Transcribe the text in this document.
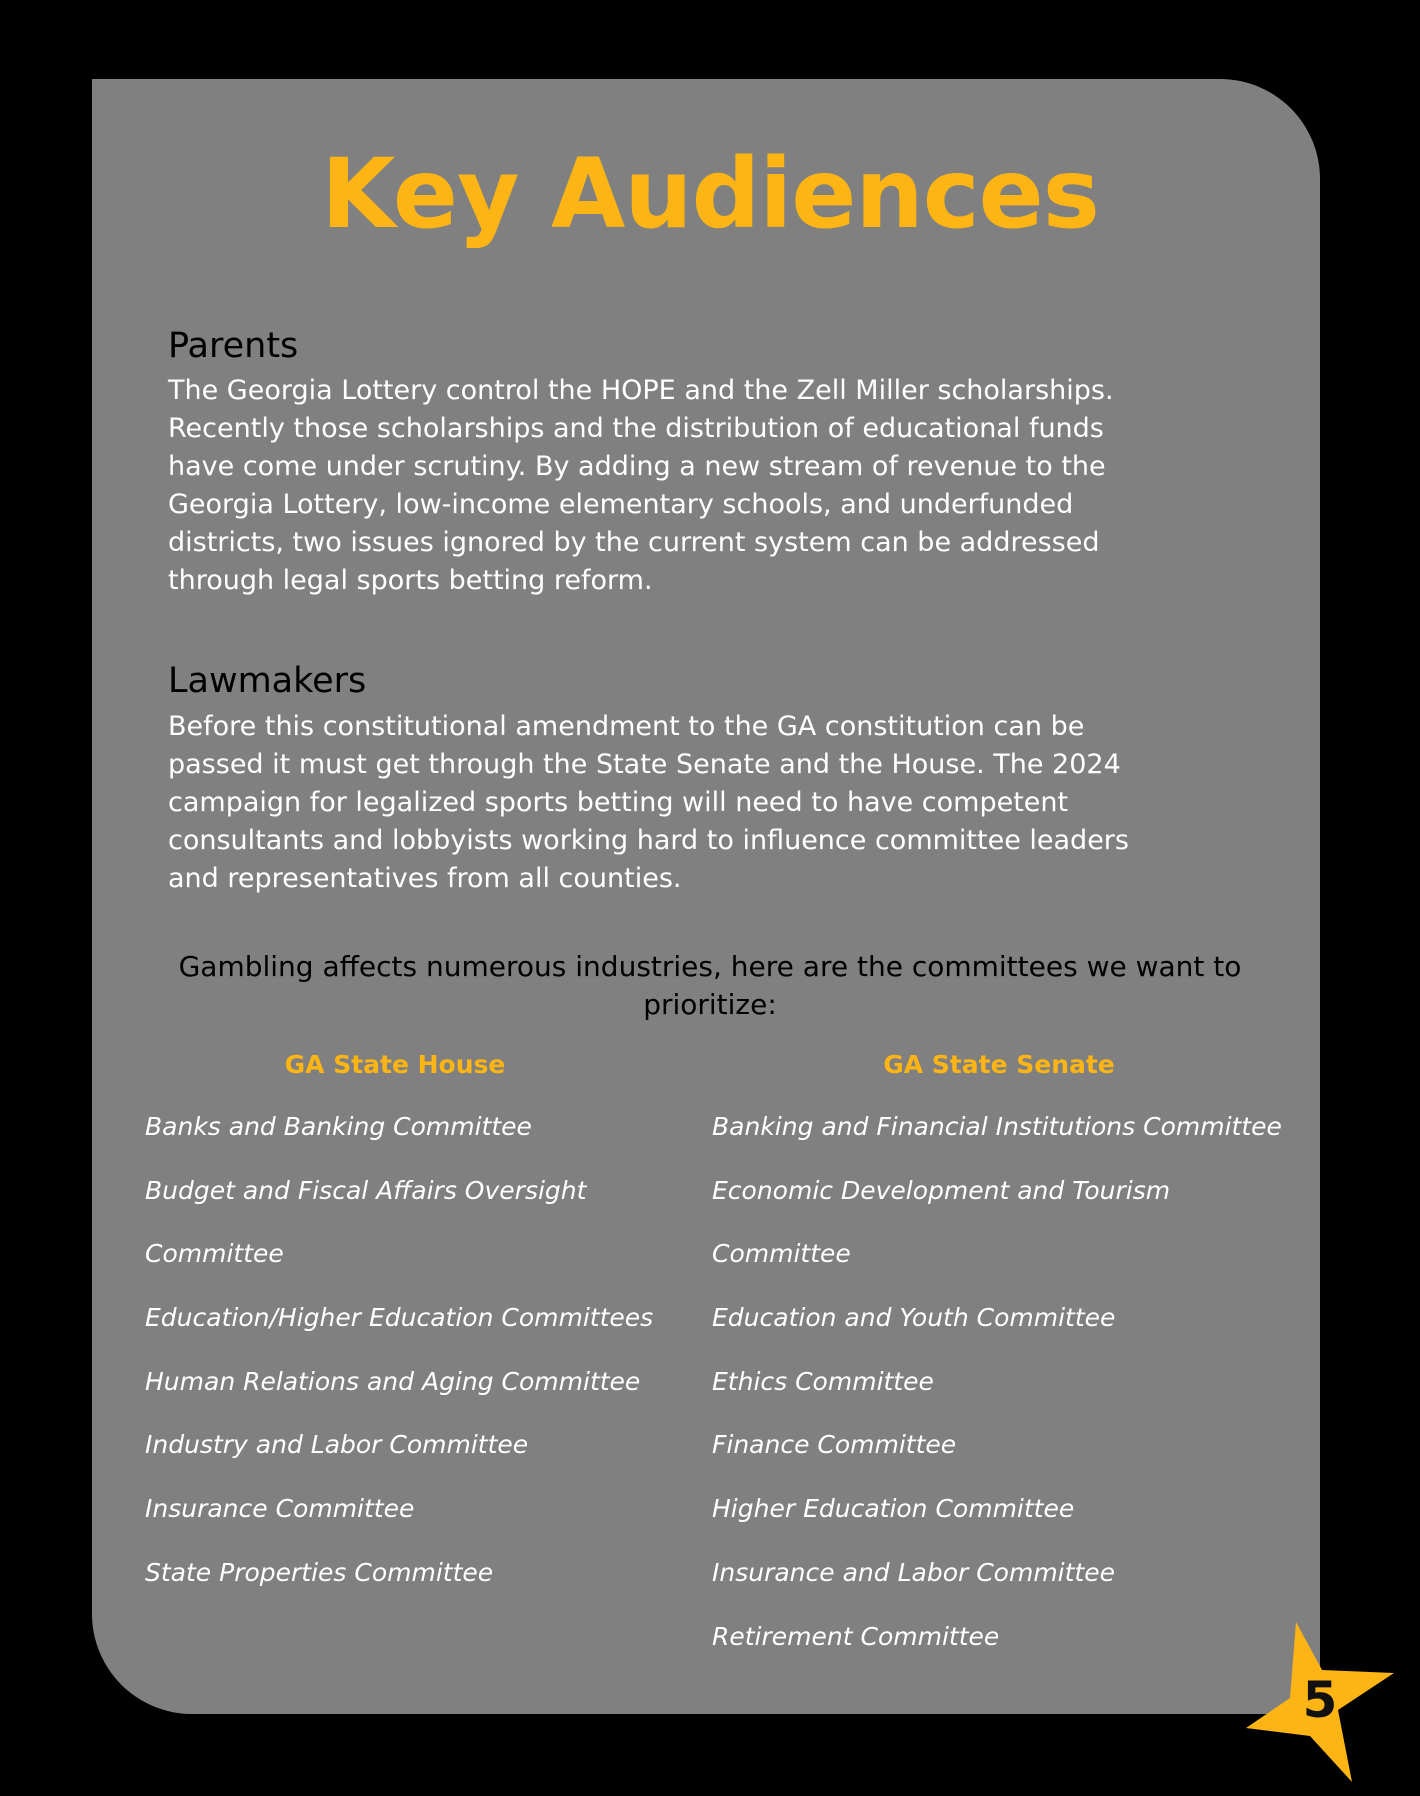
Key Audiences
Parents

The Georgia Lottery control the HOPE and the Zell Miller scholarships.
Recently those scholarships and the distribution of educational funds
have come under scrutiny. By adding a new stream of revenue to the
Georgia Lottery, low-income elementary schools, and underfunded
districts, two issues ignored by the current system can be addressed
through legal sports betting reform.

Lawmakers

Before this constitutional amendment to the GA constitution can be
passed it must get through the State Senate and the House. The 2024
campaign for legalized sports betting will need to have competent
consultants and lobbyists working hard to influence committee leaders
and representatives from all counties.

Gambling affects numerous industries, here are the committees we want to prioritize:

GA State House	GA State Senate
Banks and Banking Committee
Budget and Fiscal Affairs Oversight
Committee
Education/Higher Education Committees
Human Relations and Aging Committee
Industry and Labor Committee
Insurance Committee
State Properties Committee
Banking and Financial Institutions Committee
Economic Development and Tourism
Committee
Education and Youth Committee
Ethics Committee
Finance Committee
Higher Education Committee
Insurance and Labor Committee
Retirement Committee
5
